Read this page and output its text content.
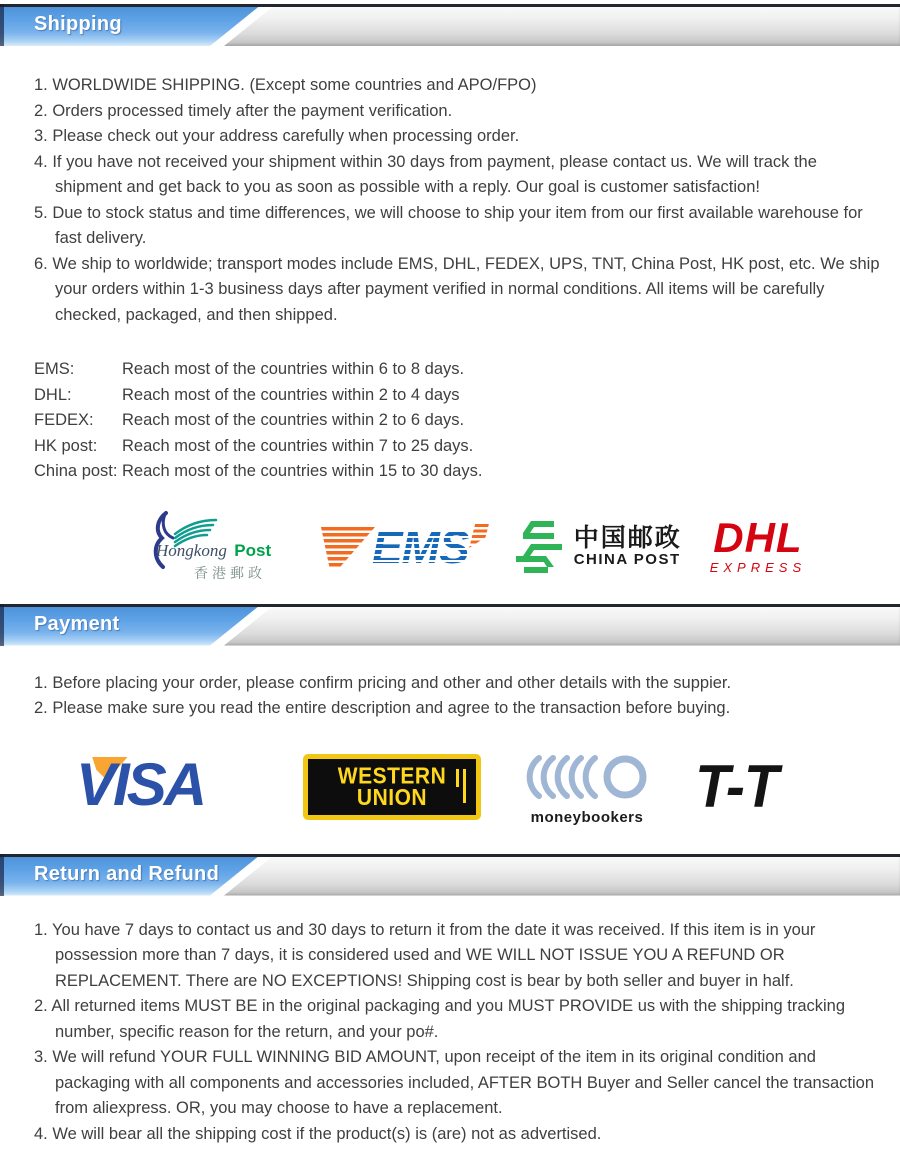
Shipping
1. WORLDWIDE SHIPPING. (Except some countries and APO/FPO)
2. Orders processed timely after the payment verification.
3. Please check out your address carefully when processing order.
4. If you have not received your shipment within 30 days from payment, please contact us. We will track the shipment and get back to you as soon as possible with a reply. Our goal is customer satisfaction!
5. Due to stock status and time differences, we will choose to ship your item from our first available warehouse for fast delivery.
6. We ship to worldwide; transport modes include EMS, DHL, FEDEX, UPS, TNT, China Post, HK post, etc. We ship your orders within 1-3 business days after payment verified in normal conditions. All items will be carefully checked, packaged, and then shipped.
EMS:	Reach most of the countries within 6 to 8 days.
DHL:	Reach most of the countries within 2 to 4 days
FEDEX:	Reach most of the countries within 2 to 6 days.
HK post:	Reach most of the countries within 7 to 25 days.
China post: Reach most of the countries within 15 to 30 days.
Hongkong Post
香港郵政 EMS	中国邮政
CHINA POST DHL
EXPRESS
Payment
1. Before placing your order, please confirm pricing and other and other details with the suppier.
2. Please make sure you read the entire description and agree to the transaction before buying.
VISA	WESTERN
UNION
moneybookers T-T
Return and Refund
1. You have 7 days to contact us and 30 days to return it from the date it was received. If this item is in your possession more than 7 days, it is considered used and WE WILL NOT ISSUE YOU A REFUND OR REPLACEMENT. There are NO EXCEPTIONS! Shipping cost is bear by both seller and buyer in half.
2. All returned items MUST BE in the original packaging and you MUST PROVIDE us with the shipping tracking number, specific reason for the return, and your po#.
3. We will refund YOUR FULL WINNING BID AMOUNT, upon receipt of the item in its original condition and packaging with all components and accessories included, AFTER BOTH Buyer and Seller cancel the transaction from aliexpress. OR, you may choose to have a replacement.
4. We will bear all the shipping cost if the product(s) is (are) not as advertised.
